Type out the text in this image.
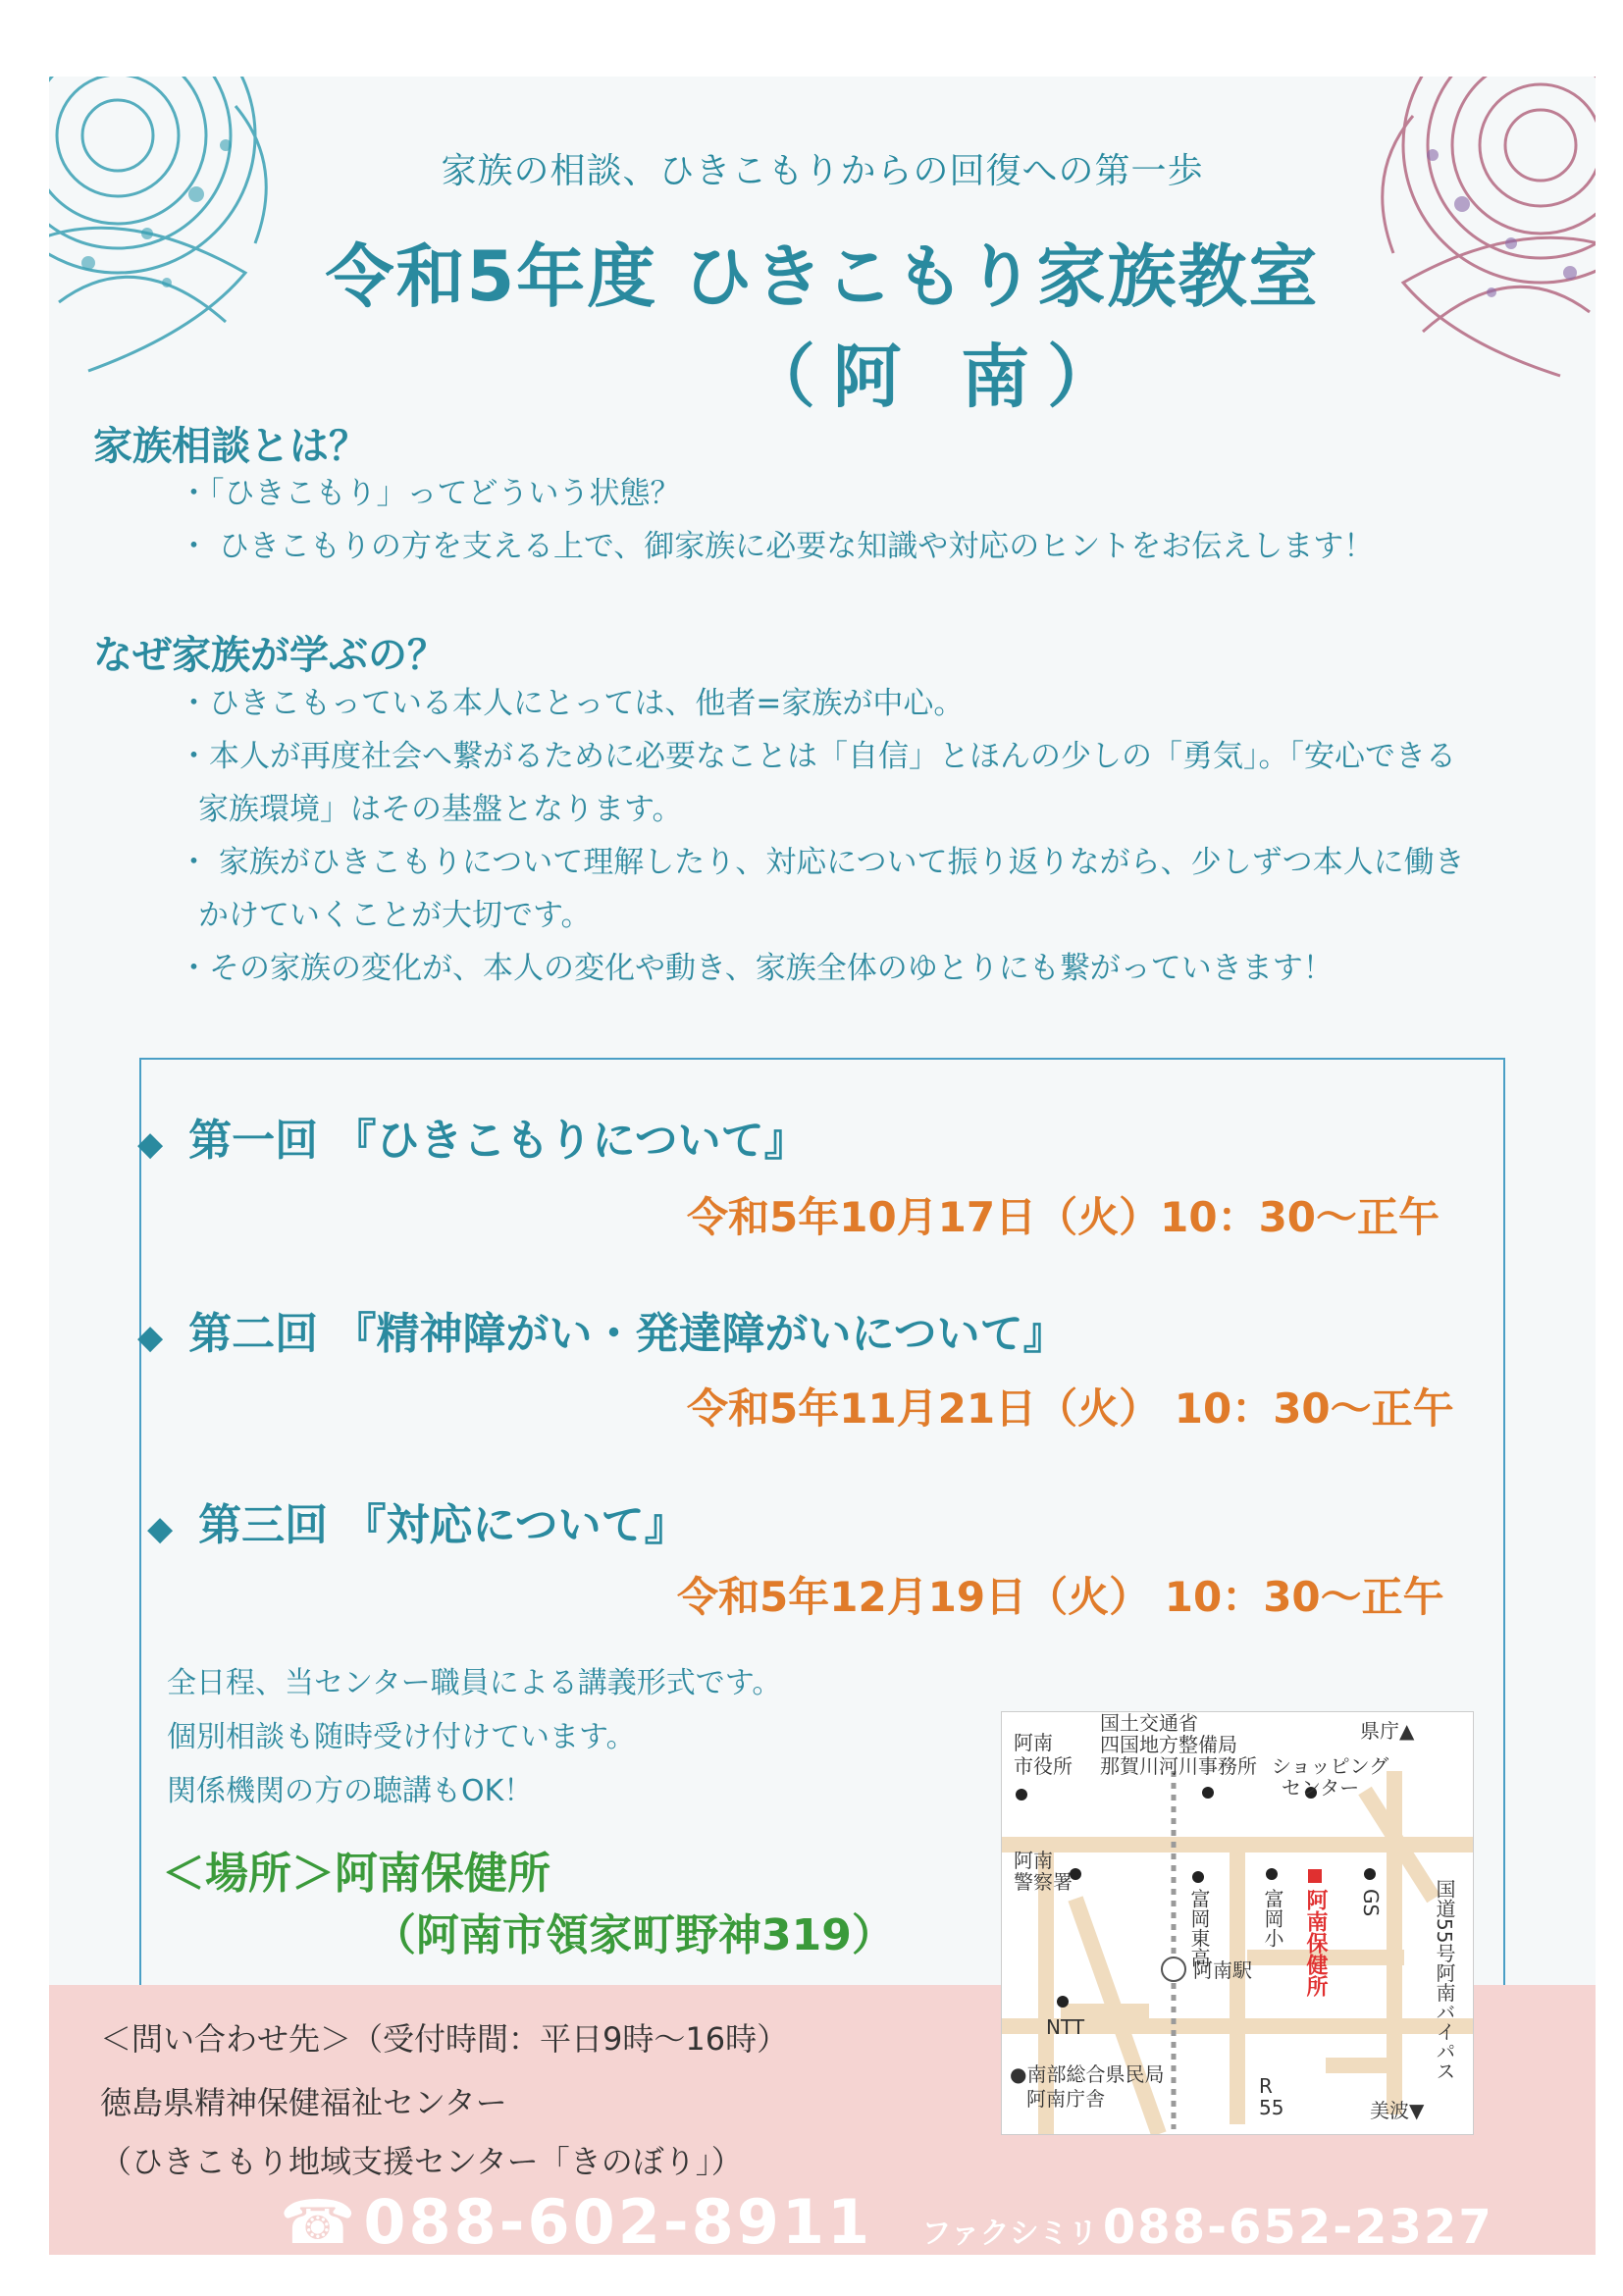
家族の相談、ひきこもりからの回復への第一歩
令和5年度 ひきこもり家族教室
（阿 南）
家族相談とは？
・「ひきこもり」ってどういう状態？
・ ひきこもりの方を支える上で、御家族に必要な知識や対応のヒントをお伝えします！
なぜ家族が学ぶの？
・ひきこもっている本人にとっては、他者=家族が中心。
・本人が再度社会へ繋がるために必要なことは「自信」とほんの少しの「勇気」。「安心できる
家族環境」はその基盤となります。
・ 家族がひきこもりについて理解したり、対応について振り返りながら、少しずつ本人に働き
かけていくことが大切です。
・その家族の変化が、本人の変化や動き、家族全体のゆとりにも繋がっていきます！
◆ 第一回 『ひきこもりについて』
令和5年10月17日（火）10：30～正午
◆ 第二回 『精神障がい・発達障がいについて』
令和5年11月21日（火） 10：30～正午
◆ 第三回 『対応について』
令和5年12月19日（火） 10：30～正午
全日程、当センター職員による講義形式です。
個別相談も随時受け付けています。
関係機関の方の聴講もOK！
＜場所＞阿南保健所
（阿南市領家町野神319）
＜問い合わせ先＞（受付時間：平日9時～16時）
徳島県精神保健福祉センター
（ひきこもり地域支援センター「きのぼり」）
☎ 088-602-8911 ファクシミリ 088-652-2327
国土交通省
四国地方整備局
那賀川河川事務所
県庁▲
阿南
市役所	ショッピング
センター
阿南
警察署
富岡東高	富岡小 阿南保健所 GS	国道55号阿南バイパス
阿南駅
NTT
●南部総合県民局
阿南庁舎
R
55	美波▼
